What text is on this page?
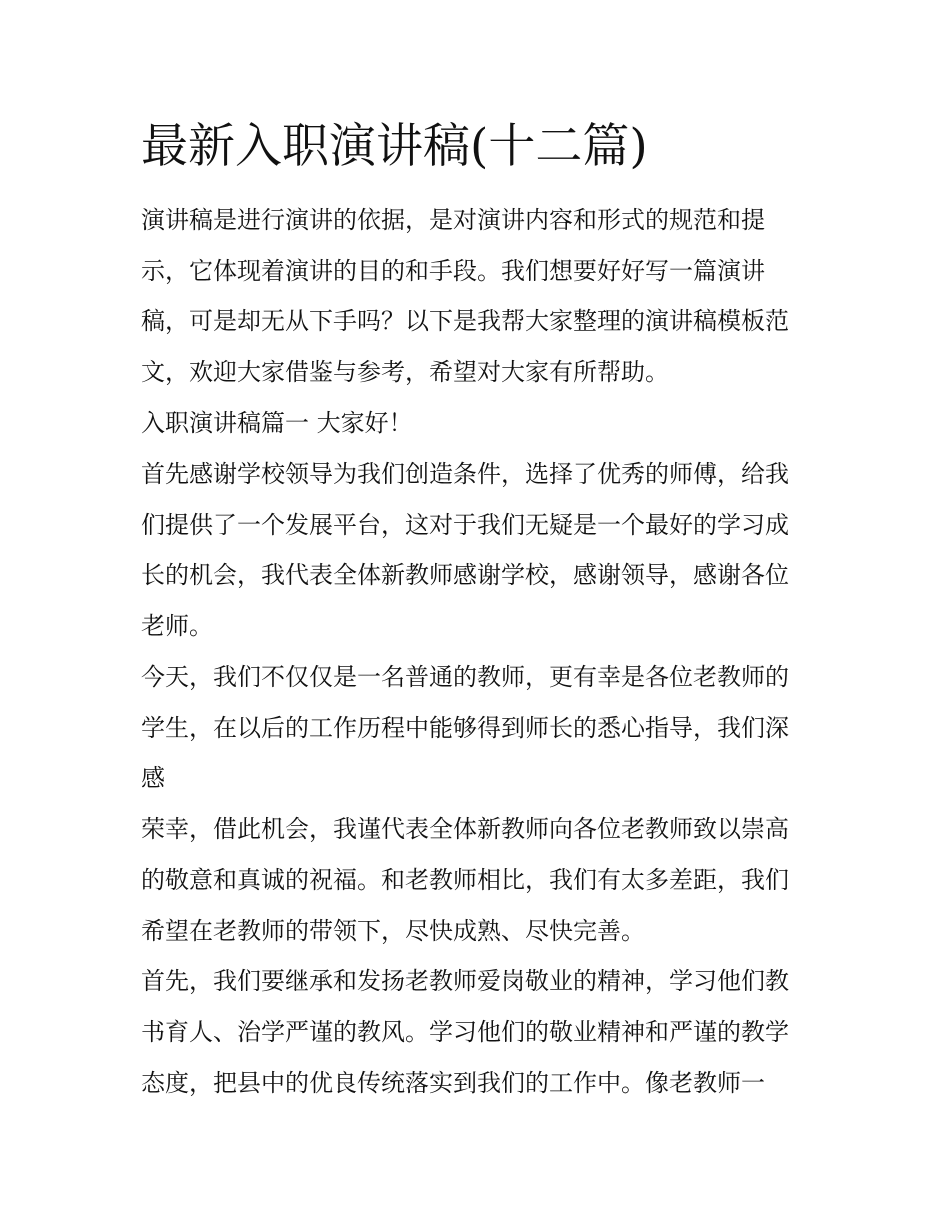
最新入职演讲稿(十二篇)

演讲稿是进行演讲的依据，是对演讲内容和形式的规范和提

示，它体现着演讲的目的和手段。我们想要好好写一篇演讲

稿，可是却无从下手吗？以下是我帮大家整理的演讲稿模板范

文，欢迎大家借鉴与参考，希望对大家有所帮助。

入职演讲稿篇一 大家好！

首先感谢学校领导为我们创造条件，选择了优秀的师傅，给我

们提供了一个发展平台，这对于我们无疑是一个最好的学习成

长的机会，我代表全体新教师感谢学校，感谢领导，感谢各位

老师。

今天，我们不仅仅是一名普通的教师，更有幸是各位老教师的

学生，在以后的工作历程中能够得到师长的悉心指导，我们深

感

荣幸，借此机会，我谨代表全体新教师向各位老教师致以崇高

的敬意和真诚的祝福。和老教师相比，我们有太多差距，我们

希望在老教师的带领下，尽快成熟、尽快完善。

首先，我们要继承和发扬老教师爱岗敬业的精神，学习他们教

书育人、治学严谨的教风。学习他们的敬业精神和严谨的教学

态度，把县中的优良传统落实到我们的工作中。像老教师一
